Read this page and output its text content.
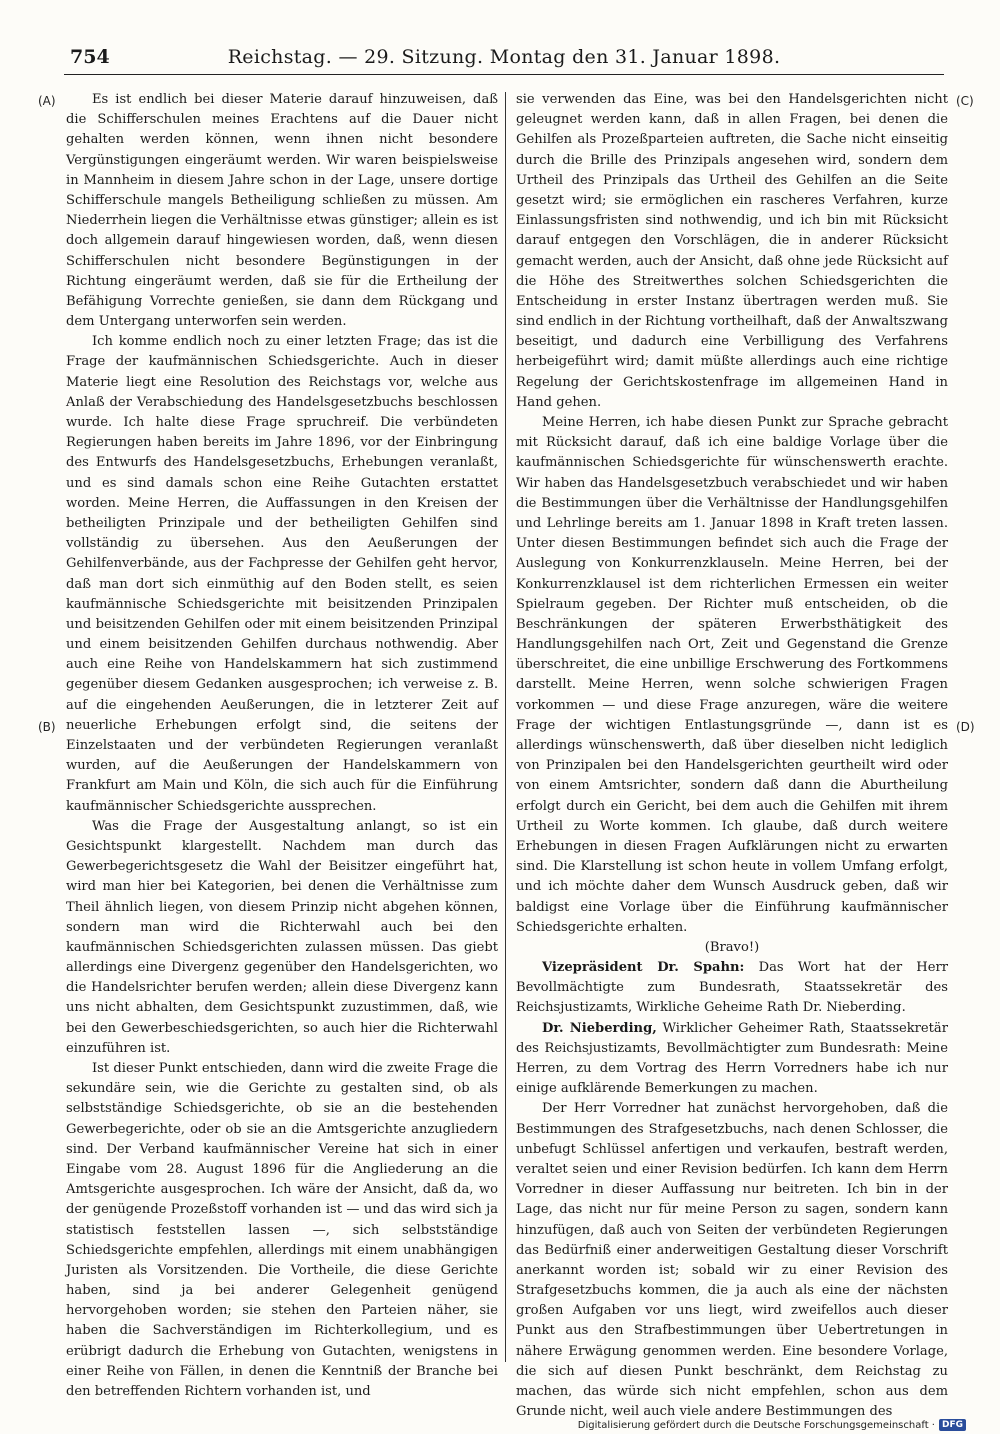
754	Reichstag. — 29. Sitzung. Montag den 31. Januar 1898.
(A)
(B)
(C)
(D)

Es ist endlich bei dieser Materie darauf hinzuweisen, daß die Schifferschulen meines Erachtens auf die Dauer nicht gehalten werden können, wenn ihnen nicht besondere Vergünstigungen eingeräumt werden. Wir waren beispielsweise in Mannheim in diesem Jahre schon in der Lage, unsere dortige Schifferschule mangels Betheiligung schließen zu müssen. Am Niederrhein liegen die Verhältnisse etwas günstiger; allein es ist doch allgemein darauf hingewiesen worden, daß, wenn diesen Schifferschulen nicht besondere Begünstigungen in der Richtung eingeräumt werden, daß sie für die Ertheilung der Befähigung Vorrechte genießen, sie dann dem Rückgang und dem Untergang unterworfen sein werden.

Ich komme endlich noch zu einer letzten Frage; das ist die Frage der kaufmännischen Schiedsgerichte. Auch in dieser Materie liegt eine Resolution des Reichstags vor, welche aus Anlaß der Verabschiedung des Handelsgesetzbuchs beschlossen wurde. Ich halte diese Frage spruchreif. Die verbündeten Regierungen haben bereits im Jahre 1896, vor der Einbringung des Entwurfs des Handelsgesetzbuchs, Erhebungen veranlaßt, und es sind damals schon eine Reihe Gutachten erstattet worden. Meine Herren, die Auffassungen in den Kreisen der betheiligten Prinzipale und der betheiligten Gehilfen sind vollständig zu übersehen. Aus den Aeußerungen der Gehilfenverbände, aus der Fachpresse der Gehilfen geht hervor, daß man dort sich einmüthig auf den Boden stellt, es seien kaufmännische Schiedsgerichte mit beisitzenden Prinzipalen und beisitzenden Gehilfen oder mit einem beisitzenden Prinzipal und einem beisitzenden Gehilfen durchaus nothwendig. Aber auch eine Reihe von Handelskammern hat sich zustimmend gegenüber diesem Gedanken ausgesprochen; ich verweise z. B. auf die eingehenden Aeußerungen, die in letzterer Zeit auf neuerliche Erhebungen erfolgt sind, die seitens der Einzelstaaten und der verbündeten Regierungen veranlaßt wurden, auf die Aeußerungen der Handelskammern von Frankfurt am Main und Köln, die sich auch für die Einführung kaufmännischer Schiedsgerichte aussprechen.

Was die Frage der Ausgestaltung anlangt, so ist ein Gesichtspunkt klargestellt. Nachdem man durch das Gewerbegerichtsgesetz die Wahl der Beisitzer eingeführt hat, wird man hier bei Kategorien, bei denen die Verhältnisse zum Theil ähnlich liegen, von diesem Prinzip nicht abgehen können, sondern man wird die Richterwahl auch bei den kaufmännischen Schiedsgerichten zulassen müssen. Das giebt allerdings eine Divergenz gegenüber den Handelsgerichten, wo die Handelsrichter berufen werden; allein diese Divergenz kann uns nicht abhalten, dem Gesichtspunkt zuzustimmen, daß, wie bei den Gewerbeschiedsgerichten, so auch hier die Richterwahl einzuführen ist.

Ist dieser Punkt entschieden, dann wird die zweite Frage die sekundäre sein, wie die Gerichte zu gestalten sind, ob als selbstständige Schiedsgerichte, ob sie an die bestehenden Gewerbegerichte, oder ob sie an die Amtsgerichte anzugliedern sind. Der Verband kaufmännischer Vereine hat sich in einer Eingabe vom 28. August 1896 für die Angliederung an die Amtsgerichte ausgesprochen. Ich wäre der Ansicht, daß da, wo der genügende Prozeßstoff vorhanden ist — und das wird sich ja statistisch feststellen lassen —, sich selbstständige Schiedsgerichte empfehlen, allerdings mit einem unabhängigen Juristen als Vorsitzenden. Die Vortheile, die diese Gerichte haben, sind ja bei anderer Gelegenheit genügend hervorgehoben worden; sie stehen den Parteien näher, sie haben die Sachverständigen im Richterkollegium, und es erübrigt dadurch die Erhebung von Gutachten, wenigstens in einer Reihe von Fällen, in denen die Kenntniß der Branche bei den betreffenden Richtern vorhanden ist, und

sie verwenden das Eine, was bei den Handelsgerichten nicht geleugnet werden kann, daß in allen Fragen, bei denen die Gehilfen als Prozeßparteien auftreten, die Sache nicht einseitig durch die Brille des Prinzipals angesehen wird, sondern dem Urtheil des Prinzipals das Urtheil des Gehilfen an die Seite gesetzt wird; sie ermöglichen ein rascheres Verfahren, kurze Einlassungsfristen sind nothwendig, und ich bin mit Rücksicht darauf entgegen den Vorschlägen, die in anderer Rücksicht gemacht werden, auch der Ansicht, daß ohne jede Rücksicht auf die Höhe des Streitwerthes solchen Schiedsgerichten die Entscheidung in erster Instanz übertragen werden muß. Sie sind endlich in der Richtung vortheilhaft, daß der Anwaltszwang beseitigt, und dadurch eine Verbilligung des Verfahrens herbeigeführt wird; damit müßte allerdings auch eine richtige Regelung der Gerichtskostenfrage im allgemeinen Hand in Hand gehen.

Meine Herren, ich habe diesen Punkt zur Sprache gebracht mit Rücksicht darauf, daß ich eine baldige Vorlage über die kaufmännischen Schiedsgerichte für wünschenswerth erachte. Wir haben das Handelsgesetzbuch verabschiedet und wir haben die Bestimmungen über die Verhältnisse der Handlungsgehilfen und Lehrlinge bereits am 1. Januar 1898 in Kraft treten lassen. Unter diesen Bestimmungen befindet sich auch die Frage der Auslegung von Konkurrenzklauseln. Meine Herren, bei der Konkurrenzklausel ist dem richterlichen Ermessen ein weiter Spielraum gegeben. Der Richter muß entscheiden, ob die Beschränkungen der späteren Erwerbsthätigkeit des Handlungsgehilfen nach Ort, Zeit und Gegenstand die Grenze überschreitet, die eine unbillige Erschwerung des Fortkommens darstellt. Meine Herren, wenn solche schwierigen Fragen vorkommen — und diese Frage anzuregen, wäre die weitere Frage der wichtigen Entlastungsgründe —, dann ist es allerdings wünschenswerth, daß über dieselben nicht lediglich von Prinzipalen bei den Handelsgerichten geurtheilt wird oder von einem Amtsrichter, sondern daß dann die Aburtheilung erfolgt durch ein Gericht, bei dem auch die Gehilfen mit ihrem Urtheil zu Worte kommen. Ich glaube, daß durch weitere Erhebungen in diesen Fragen Aufklärungen nicht zu erwarten sind. Die Klarstellung ist schon heute in vollem Umfang erfolgt, und ich möchte daher dem Wunsch Ausdruck geben, daß wir baldigst eine Vorlage über die Einführung kaufmännischer Schiedsgerichte erhalten.

(Bravo!)

Vizepräsident Dr. Spahn: Das Wort hat der Herr Bevollmächtigte zum Bundesrath, Staatssekretär des Reichsjustizamts, Wirkliche Geheime Rath Dr. Nieberding.

Dr. Nieberding, Wirklicher Geheimer Rath, Staatssekretär des Reichsjustizamts, Bevollmächtigter zum Bundesrath: Meine Herren, zu dem Vortrag des Herrn Vorredners habe ich nur einige aufklärende Bemerkungen zu machen.

Der Herr Vorredner hat zunächst hervorgehoben, daß die Bestimmungen des Strafgesetzbuchs, nach denen Schlosser, die unbefugt Schlüssel anfertigen und verkaufen, bestraft werden, veraltet seien und einer Revision bedürfen. Ich kann dem Herrn Vorredner in dieser Auffassung nur beitreten. Ich bin in der Lage, das nicht nur für meine Person zu sagen, sondern kann hinzufügen, daß auch von Seiten der verbündeten Regierungen das Bedürfniß einer anderweitigen Gestaltung dieser Vorschrift anerkannt worden ist; sobald wir zu einer Revision des Strafgesetzbuchs kommen, die ja auch als eine der nächsten großen Aufgaben vor uns liegt, wird zweifellos auch dieser Punkt aus den Strafbestimmungen über Uebertretungen in nähere Erwägung genommen werden. Eine besondere Vorlage, die sich auf diesen Punkt beschränkt, dem Reichstag zu machen, das würde sich nicht empfehlen, schon aus dem Grunde nicht, weil auch viele andere Bestimmungen des

Digitalisierung gefördert durch die Deutsche Forschungsgemeinschaft · DFG
